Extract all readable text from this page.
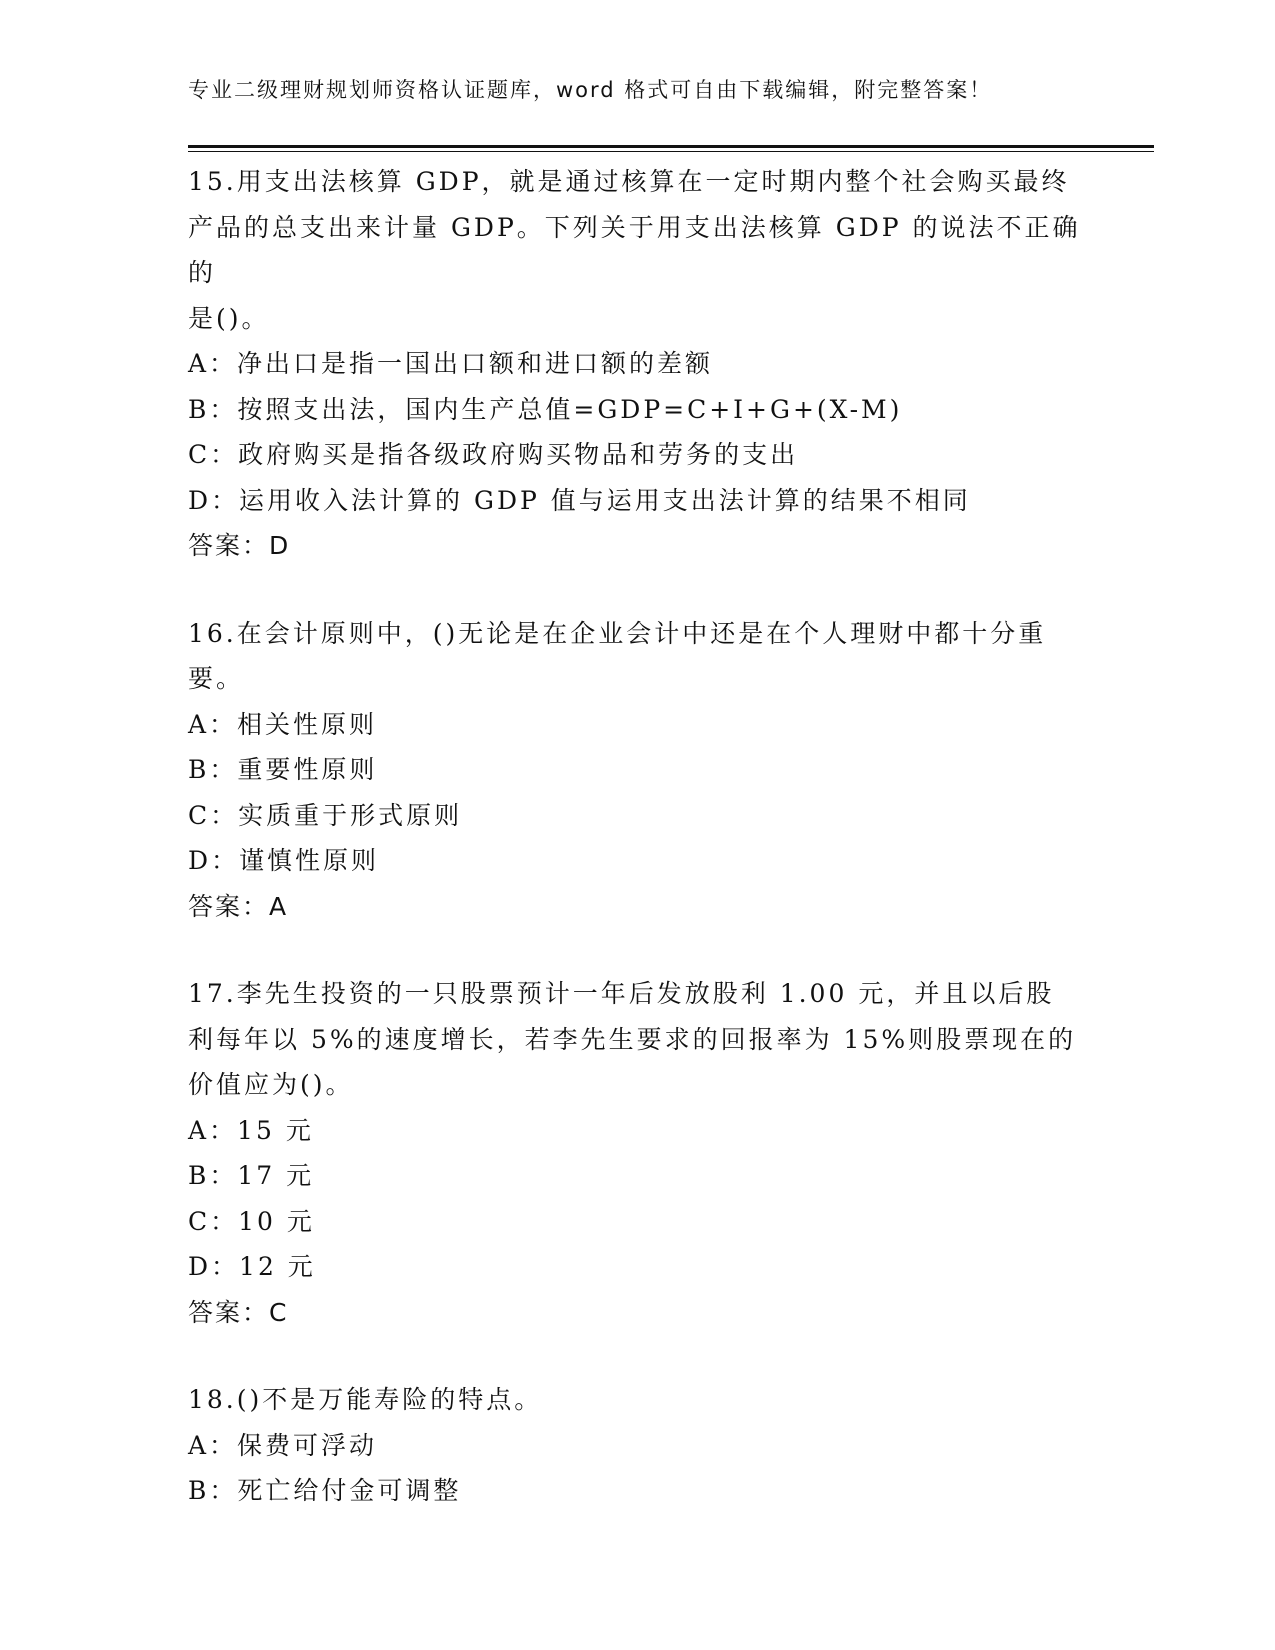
专业二级理财规划师资格认证题库，word 格式可自由下载编辑，附完整答案！
15.用支出法核算 GDP，就是通过核算在一定时期内整个社会购买最终
产品的总支出来计量 GDP。下列关于用支出法核算 GDP 的说法不正确的
是()。
A：净出口是指一国出口额和进口额的差额
B：按照支出法，国内生产总值=GDP=C+I+G+(X-M)
C：政府购买是指各级政府购买物品和劳务的支出
D：运用收入法计算的 GDP 值与运用支出法计算的结果不相同
答案：D
16.在会计原则中，()无论是在企业会计中还是在个人理财中都十分重
要。
A：相关性原则
B：重要性原则
C：实质重于形式原则
D：谨慎性原则
答案：A
17.李先生投资的一只股票预计一年后发放股利 1.00 元，并且以后股
利每年以 5%的速度增长，若李先生要求的回报率为 15%则股票现在的
价值应为()。
A：15 元
B：17 元
C：10 元
D：12 元
答案：C
18.()不是万能寿险的特点。
A：保费可浮动
B：死亡给付金可调整
